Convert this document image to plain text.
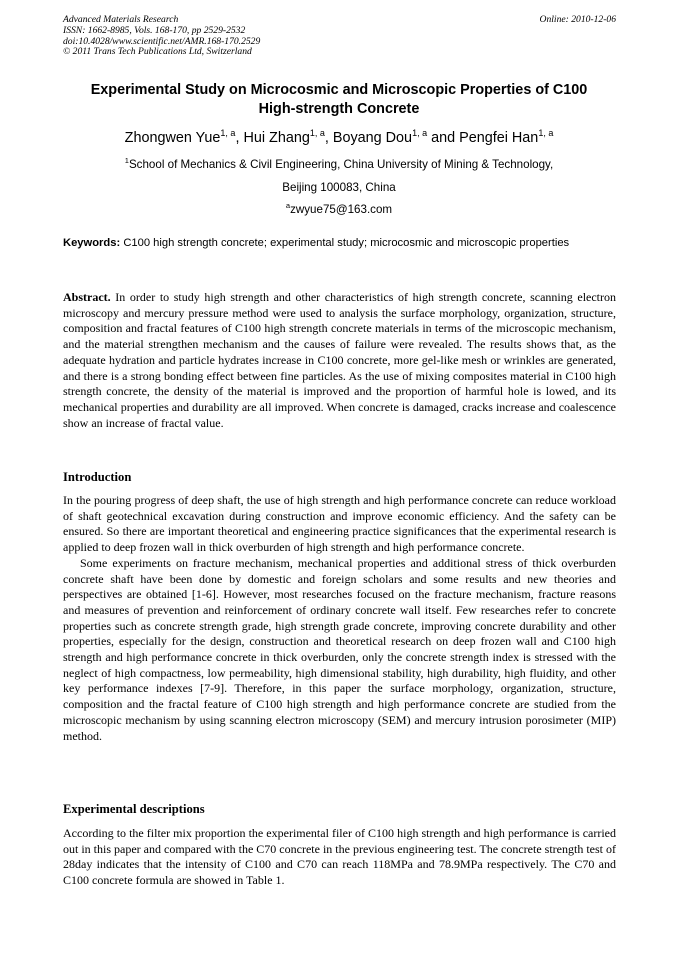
Advanced Materials Research
ISSN: 1662-8985, Vols. 168-170, pp 2529-2532
doi:10.4028/www.scientific.net/AMR.168-170.2529
© 2011 Trans Tech Publications Ltd, Switzerland
Online: 2010-12-06
Experimental Study on Microcosmic and Microscopic Properties of C100
High-strength Concrete
Zhongwen Yue$^{1, a}$, Hui Zhang$^{1, a}$, Boyang Dou$^{1, a}$ and Pengfei Han$^{1, a}$
$^1$School of Mechanics & Civil Engineering, China University of Mining & Technology,
Beijing 100083, China
$^a$zwyue75@163.com
Keywords: C100 high strength concrete; experimental study; microcosmic and microscopic properties

Abstract. In order to study high strength and other characteristics of high strength concrete, scanning electron microscopy and mercury pressure method were used to analysis the surface morphology, organization, structure, composition and fractal features of C100 high strength concrete materials in terms of the microscopic mechanism, and the material strengthen mechanism and the causes of failure were revealed. The results shows that, as the adequate hydration and particle hydrates increase in C100 concrete, more gel-like mesh or wrinkles are generated, and there is a strong bonding effect between fine particles. As the use of mixing composites material in C100 high strength concrete, the density of the material is improved and the proportion of harmful hole is lowed, and its mechanical properties and durability are all improved. When concrete is damaged, cracks increase and coalescence show an increase of fractal value.

Introduction

In the pouring progress of deep shaft, the use of high strength and high performance concrete can reduce workload of shaft geotechnical excavation during construction and improve economic efficiency. And the safety can be ensured. So there are important theoretical and engineering practice significances that the experimental research is applied to deep frozen wall in thick overburden of high strength and high performance concrete.

Some experiments on fracture mechanism, mechanical properties and additional stress of thick overburden concrete shaft have been done by domestic and foreign scholars and some results and new theories and perspectives are obtained [1-6]. However, most researches focused on the fracture mechanism, fracture reasons and measures of prevention and reinforcement of ordinary concrete wall itself. Few researches refer to concrete properties such as concrete strength grade, high strength grade concrete, improving concrete durability and other properties, especially for the design, construction and theoretical research on deep frozen wall and C100 high strength and high performance concrete in thick overburden, only the concrete strength index is stressed with the neglect of high compactness, low permeability, high dimensional stability, high durability, high fluidity, and other key performance indexes [7-9]. Therefore, in this paper the surface morphology, organization, structure, composition and the fractal feature of C100 high strength and high performance concrete are studied from the microscopic mechanism by using scanning electron microscopy (SEM) and mercury intrusion porosimeter (MIP) method.

Experimental descriptions

According to the filter mix proportion the experimental filer of C100 high strength and high performance is carried out in this paper and compared with the C70 concrete in the previous engineering test. The concrete strength test of 28day indicates that the intensity of C100 and C70 can reach 118MPa and 78.9MPa respectively. The C70 and C100 concrete formula are showed in Table 1.
